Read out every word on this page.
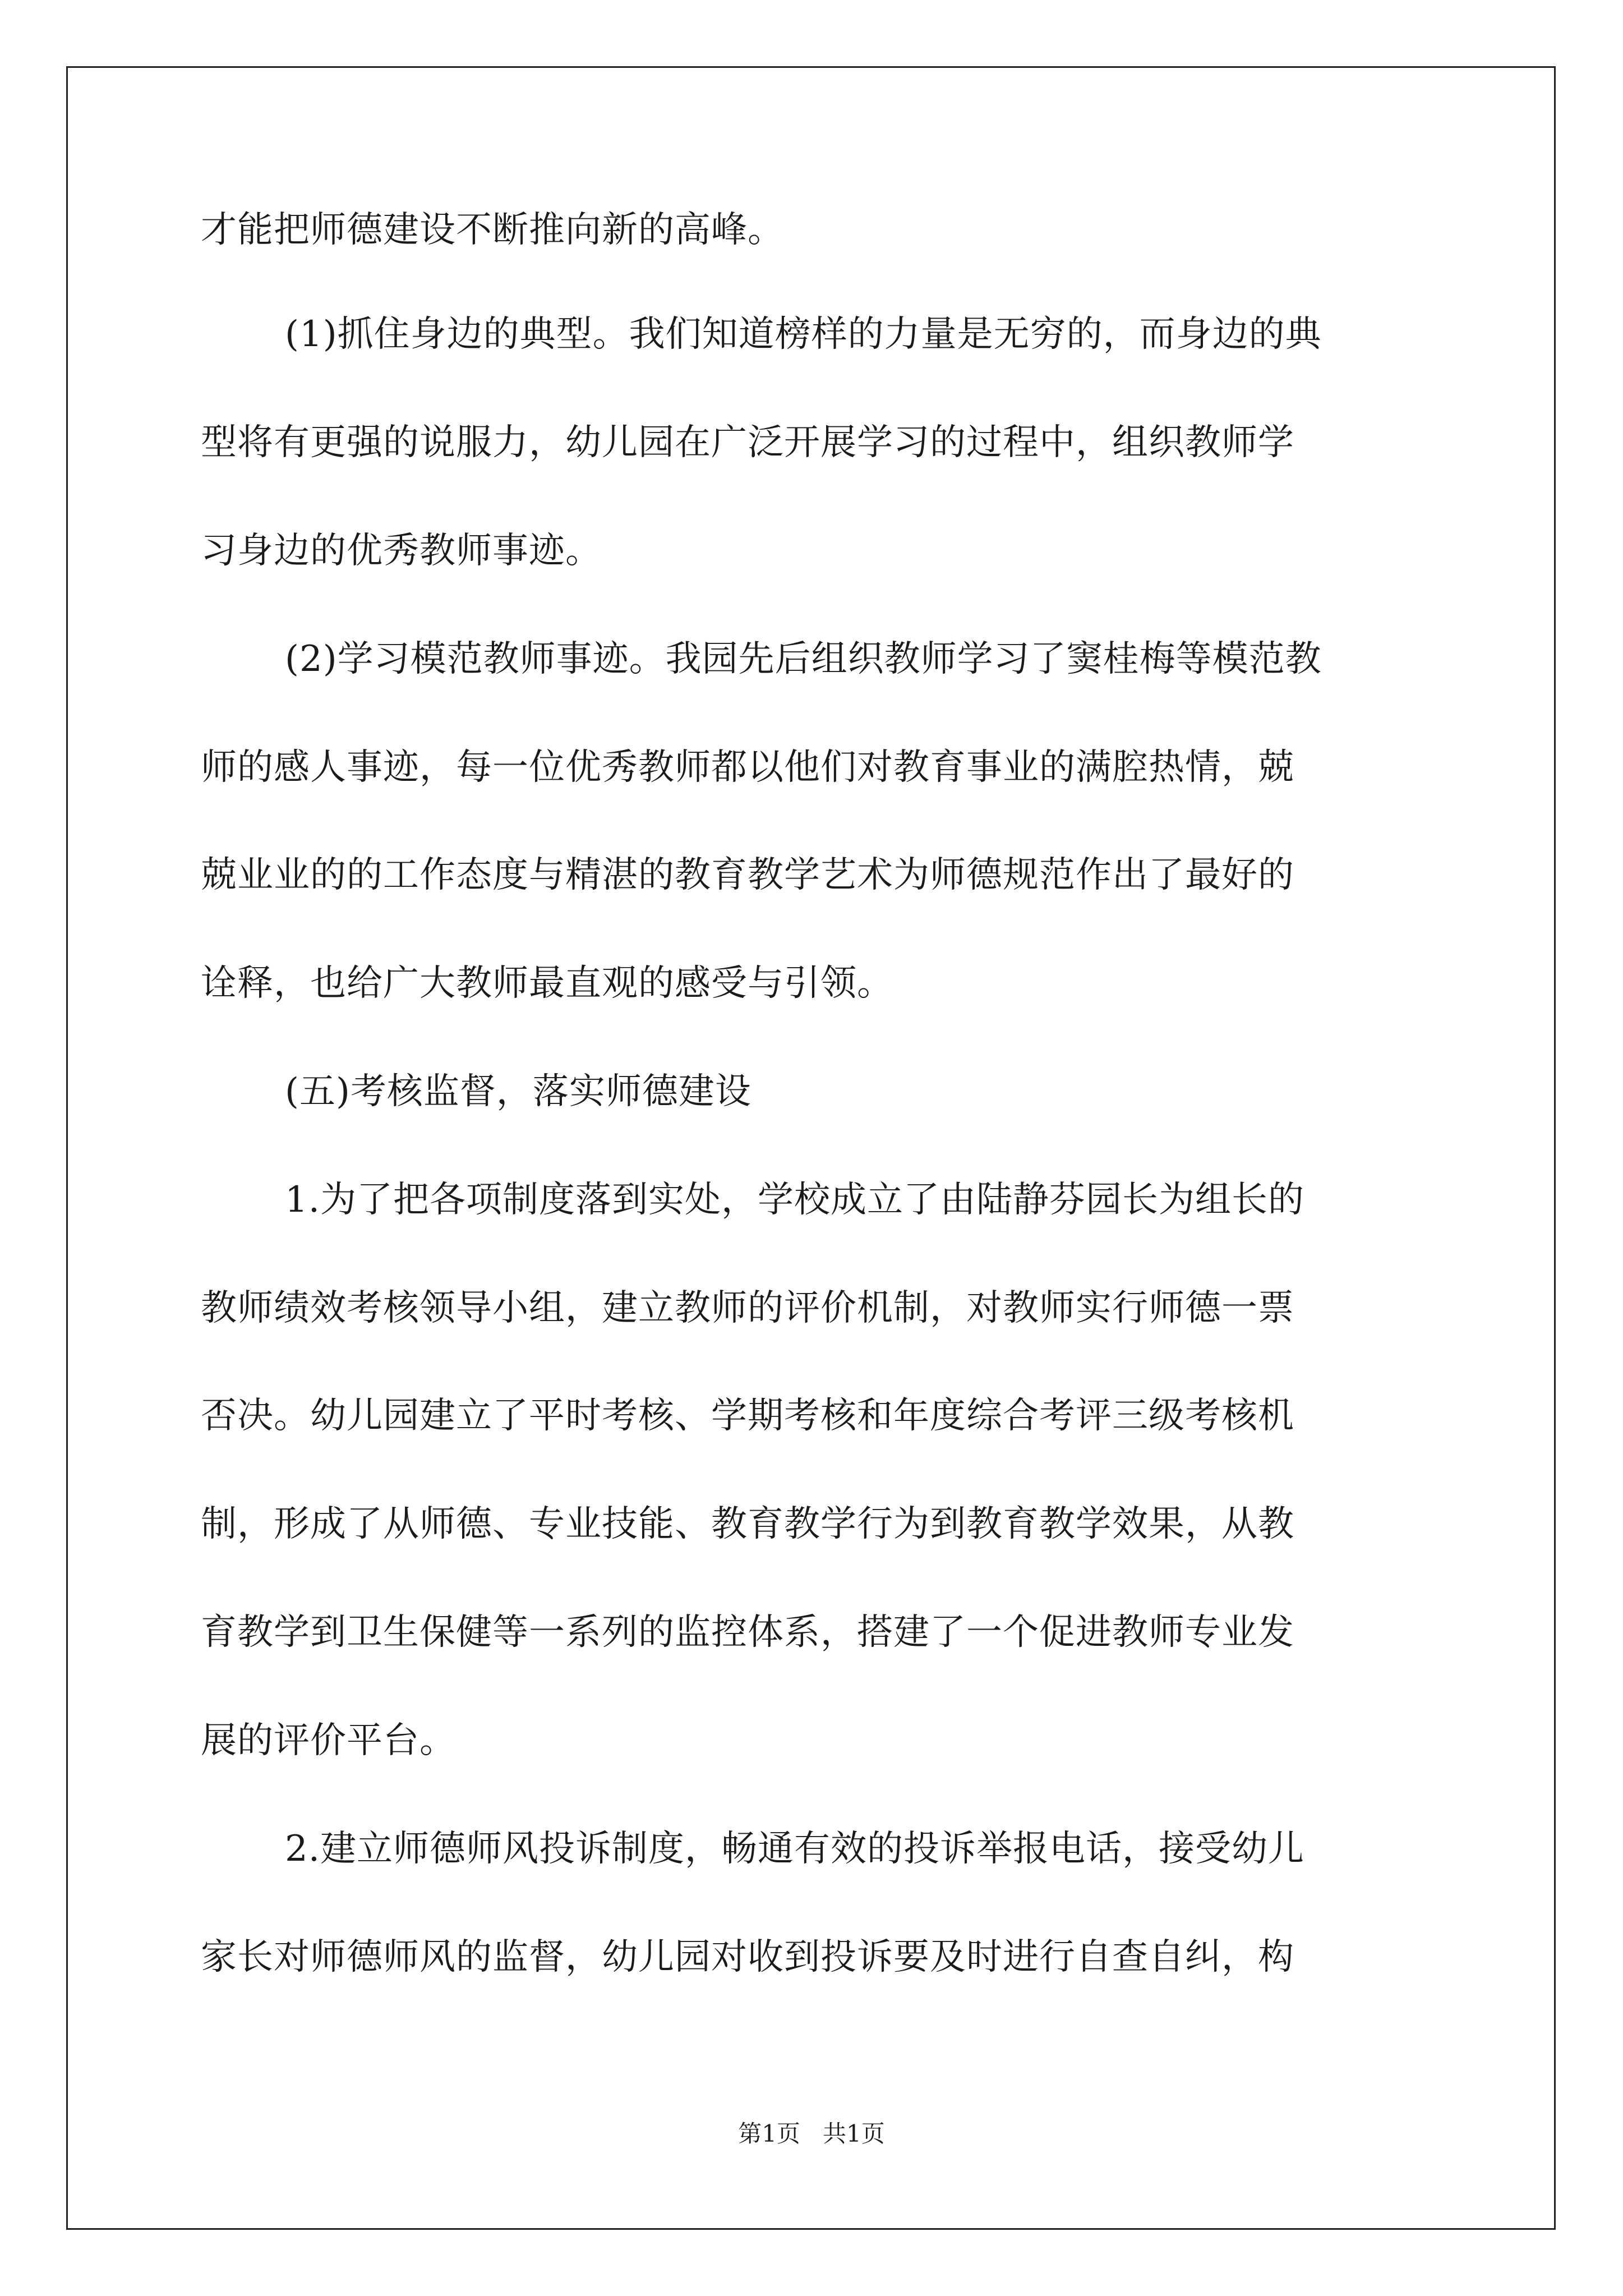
才能把师德建设不断推向新的高峰。
(1)抓住身边的典型。我们知道榜样的力量是无穷的，而身边的典
型将有更强的说服力，幼儿园在广泛开展学习的过程中，组织教师学
习身边的优秀教师事迹。
(2)学习模范教师事迹。我园先后组织教师学习了窦桂梅等模范教
师的感人事迹，每一位优秀教师都以他们对教育事业的满腔热情，兢
兢业业的的工作态度与精湛的教育教学艺术为师德规范作出了最好的
诠释，也给广大教师最直观的感受与引领。
(五)考核监督，落实师德建设
1.为了把各项制度落到实处，学校成立了由陆静芬园长为组长的
教师绩效考核领导小组，建立教师的评价机制，对教师实行师德一票
否决。幼儿园建立了平时考核、学期考核和年度综合考评三级考核机
制，形成了从师德、专业技能、教育教学行为到教育教学效果，从教
育教学到卫生保健等一系列的监控体系，搭建了一个促进教师专业发
展的评价平台。
2.建立师德师风投诉制度，畅通有效的投诉举报电话，接受幼儿
家长对师德师风的监督，幼儿园对收到投诉要及时进行自查自纠，构
第1页   共1页
